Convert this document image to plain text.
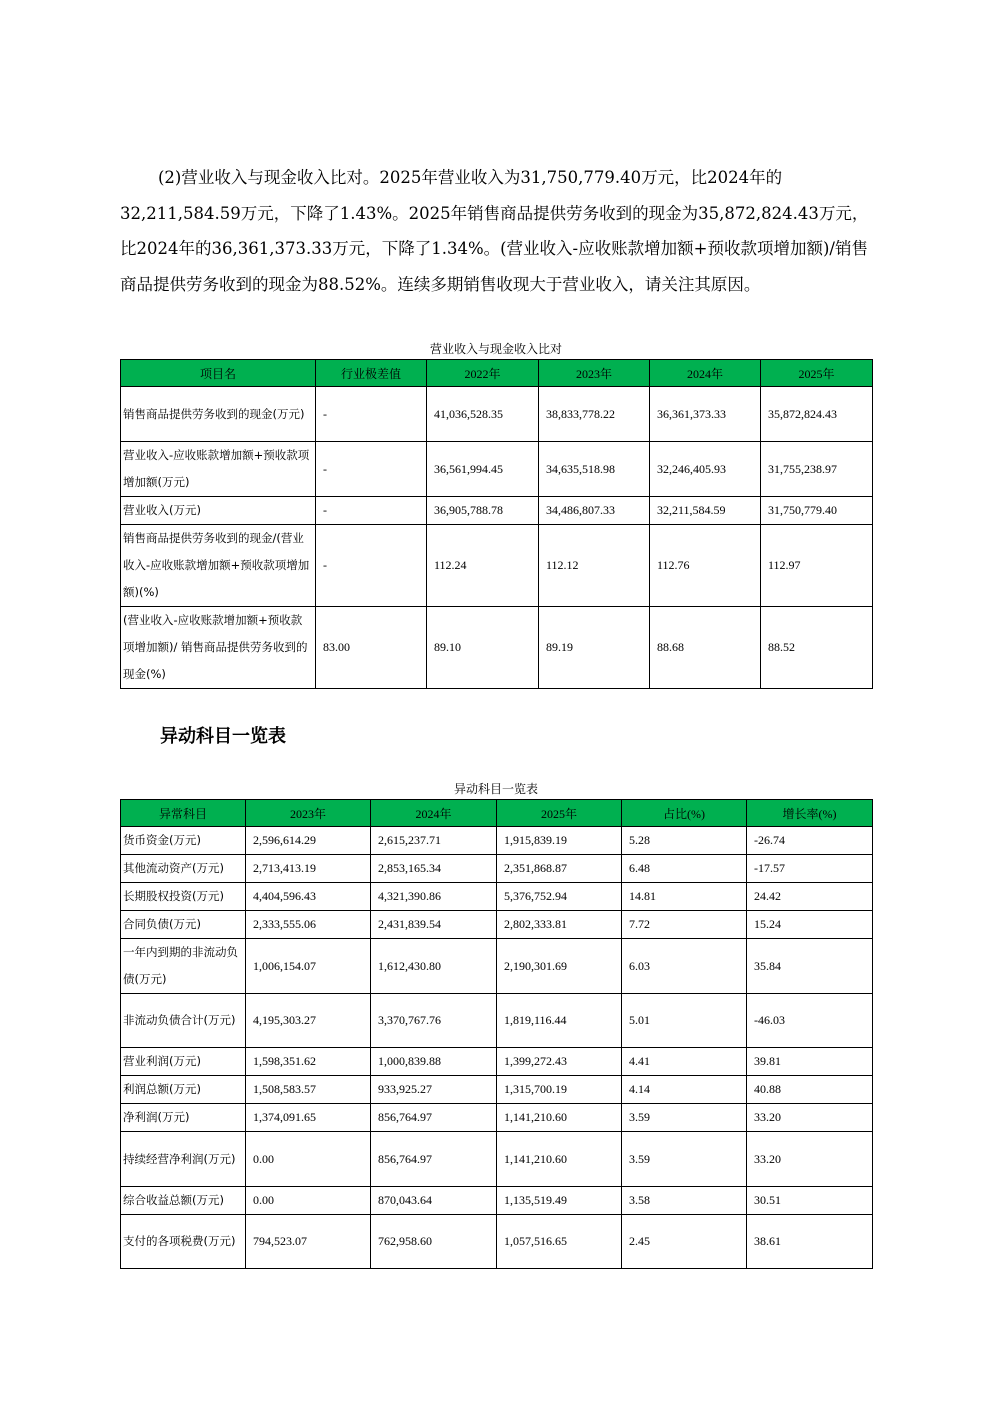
(2)营业收入与现金收入比对。2025年营业收入为31,750,779.40万元，比2024年的32,211,584.59万元，下降了1.43%。2025年销售商品提供劳务收到的现金为35,872,824.43万元，比2024年的36,361,373.33万元，下降了1.34%。(营业收入-应收账款增加额+预收款项增加额)/销售商品提供劳务收到的现金为88.52%。连续多期销售收现大于营业收入，请关注其原因。

营业收入与现金收入比对
项目名	行业极差值	2022年	2023年	2024年	2025年
销售商品提供劳务收到的现金(万元)	-	41,036,528.35	38,833,778.22	36,361,373.33	35,872,824.43
营业收入-应收账款增加额+预收款项增加额(万元)	-	36,561,994.45	34,635,518.98	32,246,405.93	31,755,238.97
营业收入(万元)	-	36,905,788.78	34,486,807.33	32,211,584.59	31,750,779.40
销售商品提供劳务收到的现金/(营业收入-应收账款增加额+预收款项增加额)(%)	-	112.24	112.12	112.76	112.97
(营业收入-应收账款增加额+预收款项增加额)/ 销售商品提供劳务收到的现金(%)	83.00	89.10	89.19	88.68	88.52
异动科目一览表
异动科目一览表
异常科目	2023年	2024年	2025年	占比(%)	增长率(%)
货币资金(万元)	2,596,614.29	2,615,237.71	1,915,839.19	5.28	-26.74
其他流动资产(万元)	2,713,413.19	2,853,165.34	2,351,868.87	6.48	-17.57
长期股权投资(万元)	4,404,596.43	4,321,390.86	5,376,752.94	14.81	24.42
合同负债(万元)	2,333,555.06	2,431,839.54	2,802,333.81	7.72	15.24
一年内到期的非流动负债(万元)	1,006,154.07	1,612,430.80	2,190,301.69	6.03	35.84
非流动负债合计(万元)	4,195,303.27	3,370,767.76	1,819,116.44	5.01	-46.03
营业利润(万元)	1,598,351.62	1,000,839.88	1,399,272.43	4.41	39.81
利润总额(万元)	1,508,583.57	933,925.27	1,315,700.19	4.14	40.88
净利润(万元)	1,374,091.65	856,764.97	1,141,210.60	3.59	33.20
持续经营净利润(万元)	0.00	856,764.97	1,141,210.60	3.59	33.20
综合收益总额(万元)	0.00	870,043.64	1,135,519.49	3.58	30.51
支付的各项税费(万元)	794,523.07	762,958.60	1,057,516.65	2.45	38.61
